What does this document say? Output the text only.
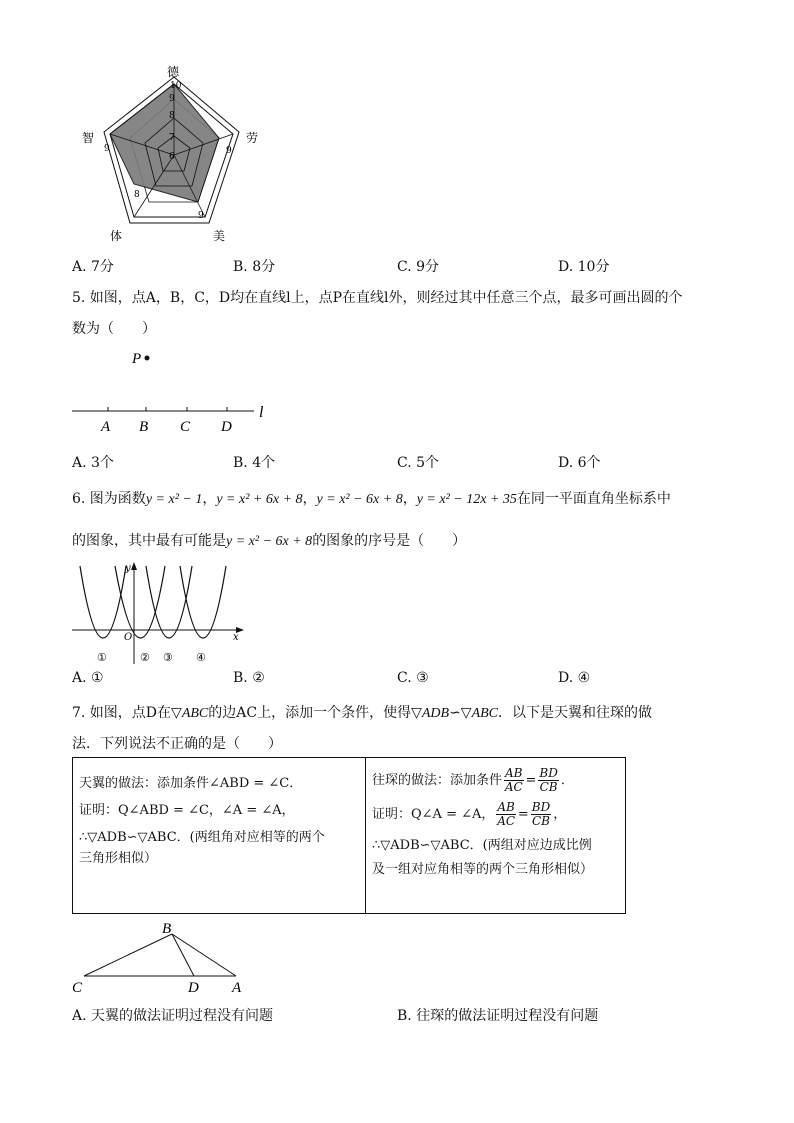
10
9
8
7
6
9
9
8
9
德
劳
美
体
智
A. 7分	B. 8分	C. 9分	D. 10分
5. 如图，点A，B，C，D均在直线l上，点P在直线l外，则经过其中任意三个点，最多可画出圆的个
数为（　　）
P
l
A B C D
A. 3个	B. 4个	C. 5个	D. 6个
6. 图为函数y = x² − 1，y = x² + 6x + 8，y = x² − 6x + 8，y = x² − 12x + 35在同一平面直角坐标系中
的图象，其中最有可能是y = x² − 6x + 8的图象的序号是（　　）
y
x
O
①	② ③ ④
A. ①	B. ②	C. ③	D. ④
7. 如图，点D在▽ABC的边AC上，添加一个条件，使得▽ADB∽▽ABC．以下是天翼和往琛的做
法．下列说法不正确的是（　　）
天翼的做法：添加条件∠ABD = ∠C．
证明：Q∠ABD = ∠C，∠A = ∠A，
∴▽ADB∽▽ABC．(两组角对应相等的两个
三角形相似）

往琛的做法：添加条件 $\frac{AB}{AC} = \frac{BD}{CB}$ ．
证明：Q∠A = ∠A， $\frac{AB}{AC} = \frac{BD}{CB}$ ，
∴▽ADB∽▽ABC．(两组对应边成比例
及一组对应角相等的两个三角形相似）
B
C	D A
A. 天翼的做法证明过程没有问题	B. 往琛的做法证明过程没有问题
